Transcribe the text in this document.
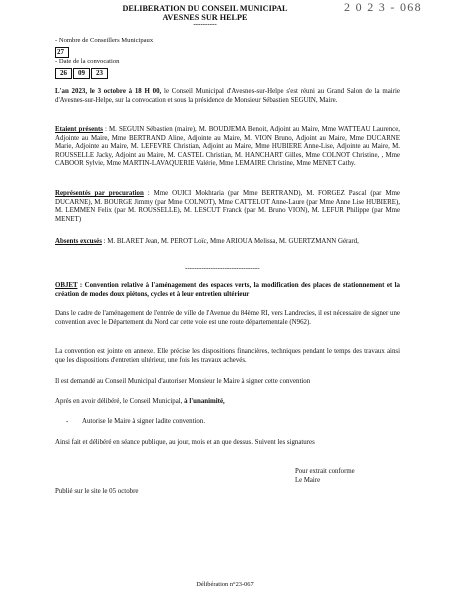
DELIBERATION DU CONSEIL MUNICIPAL
AVESNES SUR HELPE
----------
2 0 2 3 - 068
- Nombre de Conseillers Municipaux
27
- Date de la convocation
26	09	23
L'an 2023, le 3 octobre à 18 H 00, le Conseil Municipal d'Avesnes-sur-Helpe s'est réuni au Grand Salon de la mairie d'Avesnes-sur-Helpe, sur la convocation et sous la présidence de Monsieur Sébastien SEGUIN, Maire.
Etaient présents : M. SEGUIN Sébastien (maire), M. BOUDJEMA Benoit, Adjoint au Maire, Mme WATTEAU Laurence, Adjointe au Maire, Mme BERTRAND Aline, Adjointe au Maire, M. VION Bruno, Adjoint au Maire, Mme DUCARNE Marie, Adjointe au Maire, M. LEFEVRE Christian, Adjoint au Maire, Mme HUBIERE Anne-Lise, Adjointe au Maire, M. ROUSSELLE Jacky, Adjoint au Maire, M. CASTEL Christian, M. HANCHART Gilles, Mme COLNOT Christine, , Mme CABOOR Sylvie, Mme MARTIN-LAVAQUERIE Valérie, Mme LEMAIRE Christine, Mme MENET Cathy.
Représentés par procuration : Mme OUICI Mokhtaria (par Mme BERTRAND), M. FORGEZ Pascal (par Mme DUCARNE), M. BOURGE Jimmy (par Mme COLNOT), Mme CATTELOT Anne-Laure (par Mme Anne Lise HUBIERE), M. LEMMEN Felix (par M. ROUSSELLE), M. LESCUT Franck (par M. Bruno VION), M. LEFUR Philippe (par Mme MENET)
Absents excusés : M. BLARET Jean, M. PEROT Loïc, Mme ARIOUA Melissa, M. GUERTZMANN Gérard,
--------------------------------
OBJET : Convention relative à l'aménagement des espaces verts, la modification des places de stationnement et la création de modes doux piétons, cycles et à leur entretien ultérieur
Dans le cadre de l'aménagement de l'entrée de ville de l'Avenue du 84ème RI, vers Landrecies, il est nécessaire de signer une convention avec le Département du Nord car cette voie est une route départementale (N962).
La convention est jointe en annexe. Elle précise les dispositions financières, techniques pendant le temps des travaux ainsi que les dispositions d'entretien ultérieur, une fois les travaux achevés.
Il est demandé au Conseil Municipal d'autoriser Monsieur le Maire à signer cette convention
Après en avoir délibéré, le Conseil Municipal, à l'unanimité,
-	Autorise le Maire à signer ladite convention.
Ainsi fait et délibéré en séance publique, au jour, mois et an que dessus. Suivent les signatures
Pour extrait conforme
Le Maire
Publié sur le site le 05 octobre
Délibération n°23-067
